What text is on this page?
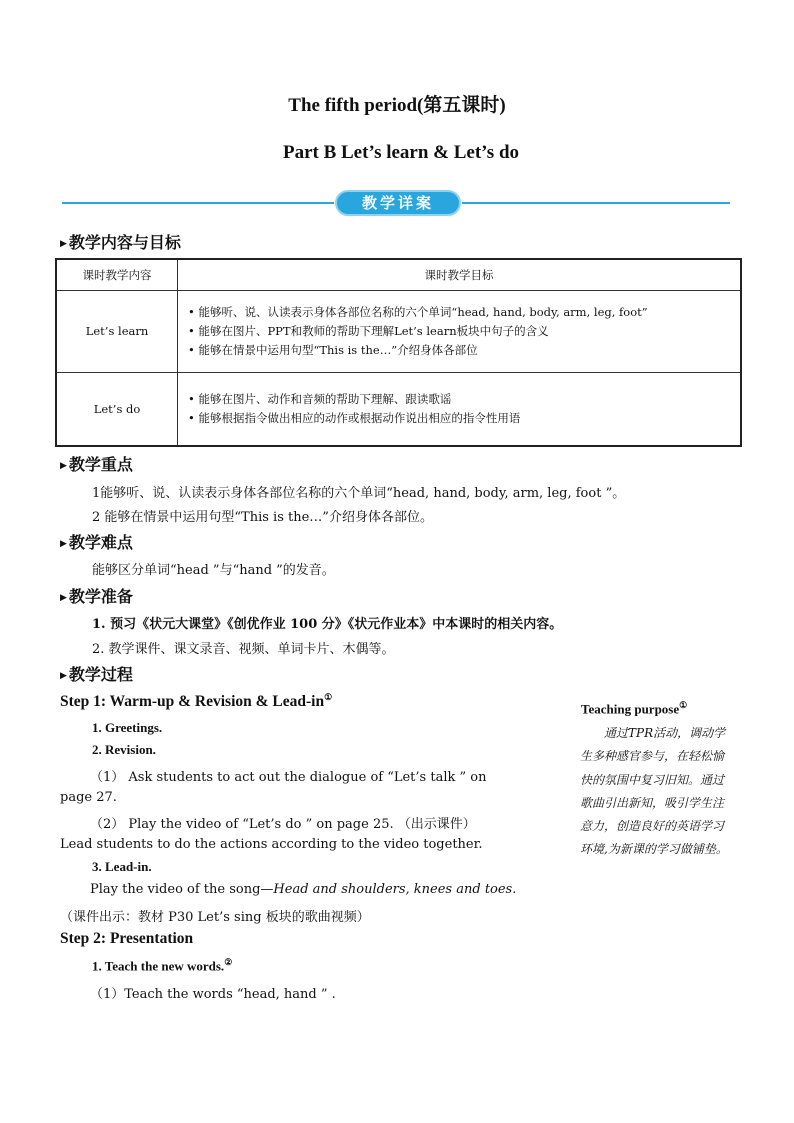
The fifth period(第五课时)
Part B Let’s learn & Let’s do
教学详案
▶ 教学内容与目标
课时教学内容	课时教学目标
Let’s learn	• 能够听、说、认读表示身体各部位名称的六个单词“head, hand, body, arm, leg, foot”
• 能够在图片、PPT和教师的帮助下理解Let’s learn板块中句子的含义
• 能够在情景中运用句型“This is the…”介绍身体各部位

Let’s do	• 能够在图片、动作和音频的帮助下理解、跟读歌谣
• 能够根据指令做出相应的动作或根据动作说出相应的指令性用语
▶ 教学重点
1能够听、说、认读表示身体各部位名称的六个单词“head, hand, body, arm, leg, foot ”。
2 能够在情景中运用句型“This is the…”介绍身体各部位。
▶ 教学难点
能够区分单词“head ”与“hand ”的发音。
▶ 教学准备
1. 预习《状元大课堂》《创优作业 100 分》《状元作业本》中本课时的相关内容。
2. 教学课件、课文录音、视频、单词卡片、木偶等。
▶ 教学过程
Step 1: Warm-up & Revision & Lead-in①
1. Greetings.
2. Revision.
（1） Ask students to act out the dialogue of “Let’s talk ” on
page 27.
（2） Play the video of “Let’s do ” on page 25. （出示课件）
Lead students to do the actions according to the video together.
3. Lead-in.
Play the video of the song—Head and shoulders, knees and toes.
（课件出示：教材 P30 Let’s sing 板块的歌曲视频）
Step 2: Presentation
1. Teach the new words.②
（1）Teach the words “head, hand ” .
Teaching purpose①
通过TPR活动，调动学
生多种感官参与，在轻松愉
快的氛围中复习旧知。通过
歌曲引出新知，吸引学生注
意力，创造良好的英语学习
环境,为新课的学习做铺垫。
